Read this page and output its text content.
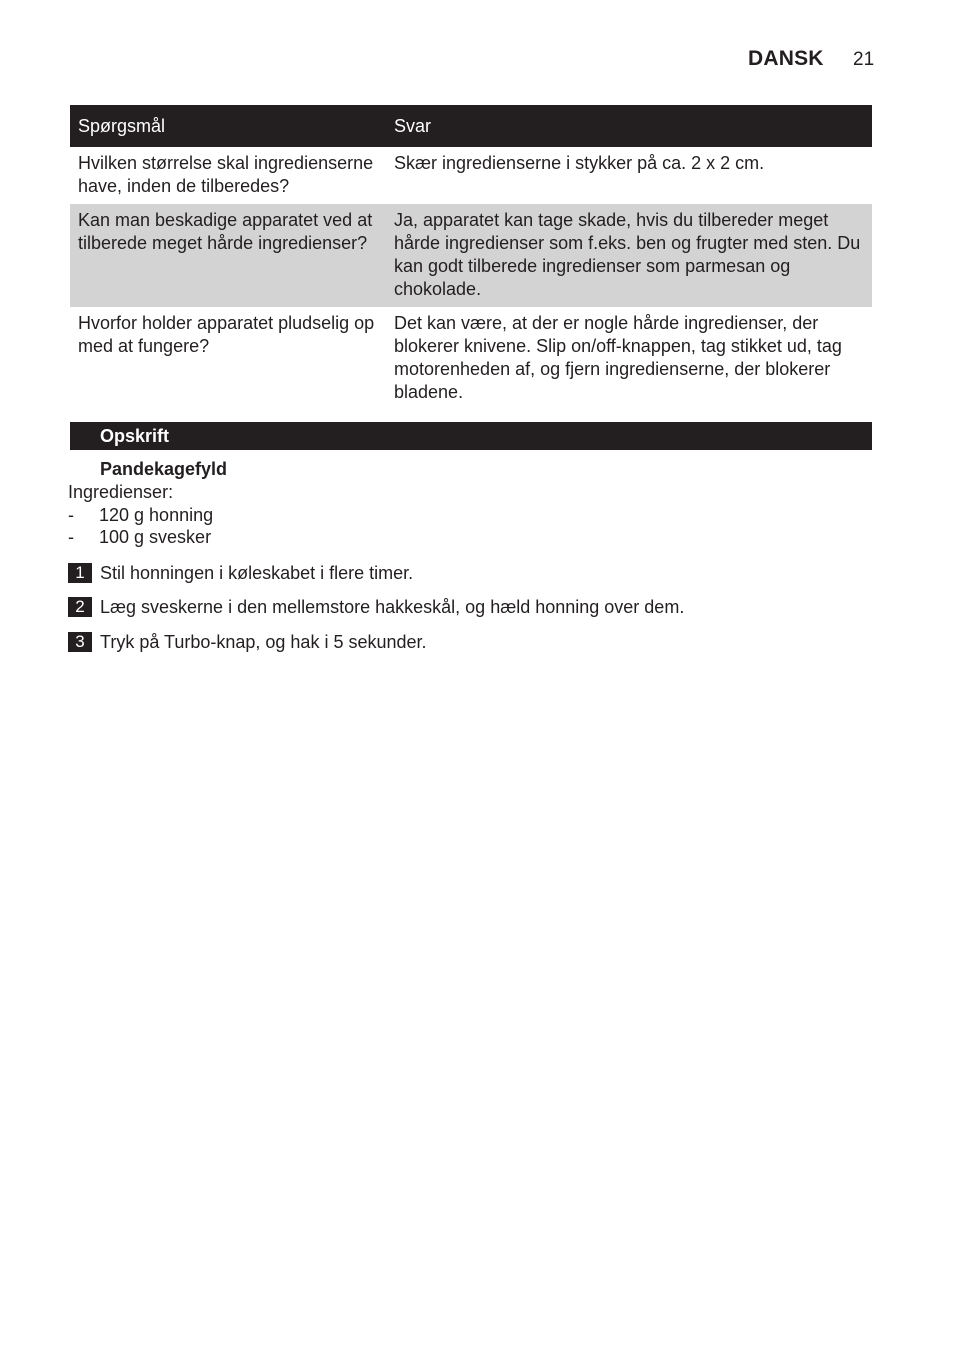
DANSK 21
Spørgsmål	Svar
Hvilken størrelse skal ingredienserne have, inden de tilberedes?	Skær ingredienserne i stykker på ca. 2 x 2 cm.
Kan man beskadige apparatet ved at tilberede meget hårde ingredienser?	Ja, apparatet kan tage skade, hvis du tilbereder meget hårde ingredienser som f.eks. ben og frugter med sten. Du kan godt tilberede ingredienser som parmesan og chokolade.
Hvorfor holder apparatet pludselig op med at fungere?	Det kan være, at der er nogle hårde ingredienser, der blokerer knivene. Slip on/off-knappen, tag stikket ud, tag motorenheden af, og fjern ingredienserne, der blokerer bladene.
Opskrift
Pandekagefyld
Ingredienser:
- 120 g honning
- 100 g svesker
1 Stil honningen i køleskabet i flere timer.
2 Læg sveskerne i den mellemstore hakkeskål, og hæld honning over dem.
3 Tryk på Turbo-knap, og hak i 5 sekunder.
